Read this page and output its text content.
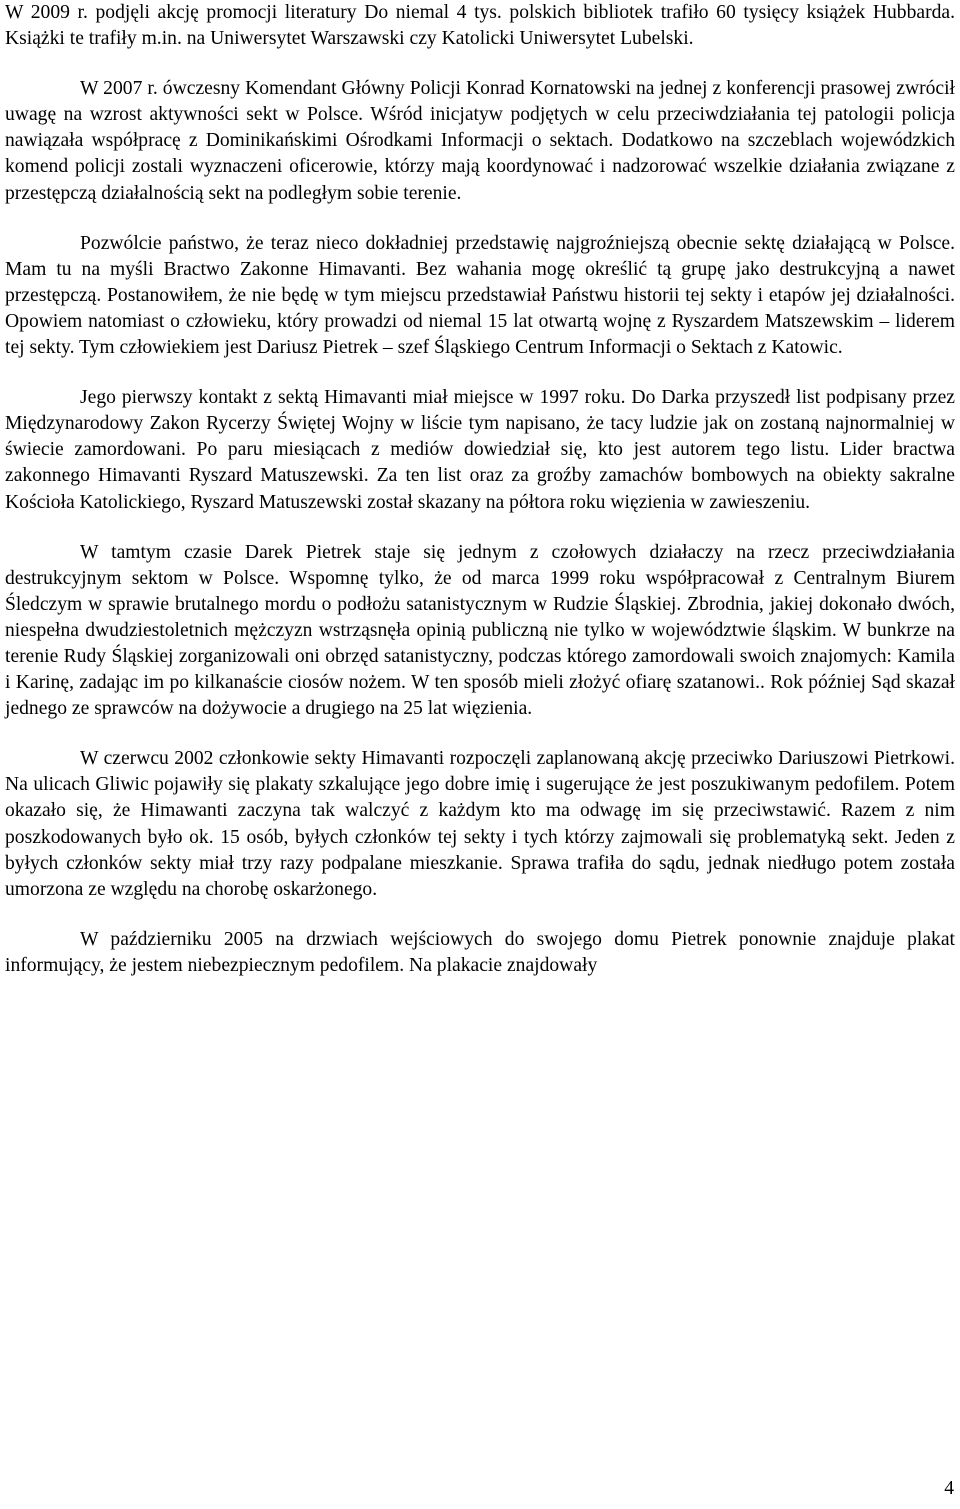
W 2009 r. podjęli akcję promocji literatury Do niemal 4 tys. polskich bibliotek trafiło 60 tysięcy książek Hubbarda. Książki te trafiły m.in. na Uniwersytet Warszawski czy Katolicki Uniwersytet Lubelski.

W 2007 r. ówczesny Komendant Główny Policji Konrad Kornatowski na jednej z konferencji prasowej zwrócił uwagę na wzrost aktywności sekt w Polsce. Wśród inicjatyw podjętych w celu przeciwdziałania tej patologii policja nawiązała współpracę z Dominikańskimi Ośrodkami Informacji o sektach. Dodatkowo na szczeblach wojewódzkich komend policji zostali wyznaczeni oficerowie, którzy mają koordynować i nadzorować wszelkie działania związane z przestępczą działalnością sekt na podległym sobie terenie.

Pozwólcie państwo, że teraz nieco dokładniej przedstawię najgroźniejszą obecnie sektę działającą w Polsce. Mam tu na myśli Bractwo Zakonne Himavanti. Bez wahania mogę określić tą grupę jako destrukcyjną a nawet przestępczą. Postanowiłem, że nie będę w tym miejscu przedstawiał Państwu historii tej sekty i etapów jej działalności. Opowiem natomiast o człowieku, który prowadzi od niemal 15 lat otwartą wojnę z Ryszardem Matszewskim – liderem tej sekty. Tym człowiekiem jest Dariusz Pietrek – szef Śląskiego Centrum Informacji o Sektach z Katowic.

Jego pierwszy kontakt z sektą Himavanti miał miejsce w 1997 roku. Do Darka przyszedł list podpisany przez Międzynarodowy Zakon Rycerzy Świętej Wojny w liście tym napisano, że tacy ludzie jak on zostaną najnormalniej w świecie zamordowani. Po paru miesiącach z mediów dowiedział się, kto jest autorem tego listu. Lider bractwa zakonnego Himavanti Ryszard Matuszewski. Za ten list oraz za groźby zamachów bombowych na obiekty sakralne Kościoła Katolickiego, Ryszard Matuszewski został skazany na półtora roku więzienia w zawieszeniu.

W tamtym czasie Darek Pietrek staje się jednym z czołowych działaczy na rzecz przeciwdziałania destrukcyjnym sektom w Polsce. Wspomnę tylko, że od marca 1999 roku współpracował z Centralnym Biurem Śledczym w sprawie brutalnego mordu o podłożu satanistycznym w Rudzie Śląskiej. Zbrodnia, jakiej dokonało dwóch, niespełna dwudziestoletnich mężczyzn wstrząsnęła opinią publiczną nie tylko w województwie śląskim. W bunkrze na terenie Rudy Śląskiej zorganizowali oni obrzęd satanistyczny, podczas którego zamordowali swoich znajomych: Kamila i Karinę, zadając im po kilkanaście ciosów nożem. W ten sposób mieli złożyć ofiarę szatanowi.. Rok później Sąd skazał jednego ze sprawców na dożywocie a drugiego na 25 lat więzienia.

W czerwcu 2002 członkowie sekty Himavanti rozpoczęli zaplanowaną akcję przeciwko Dariuszowi Pietrkowi. Na ulicach Gliwic pojawiły się plakaty szkalujące jego dobre imię i sugerujące że jest poszukiwanym pedofilem. Potem okazało się, że Himawanti zaczyna tak walczyć z każdym kto ma odwagę im się przeciwstawić. Razem z nim poszkodowanych było ok. 15 osób, byłych członków tej sekty i tych którzy zajmowali się problematyką sekt. Jeden z byłych członków sekty miał trzy razy podpalane mieszkanie. Sprawa trafiła do sądu, jednak niedługo potem została umorzona ze względu na chorobę oskarżonego.

W październiku 2005 na drzwiach wejściowych do swojego domu Pietrek ponownie znajduje plakat informujący, że jestem niebezpiecznym pedofilem. Na plakacie znajdowały

4
